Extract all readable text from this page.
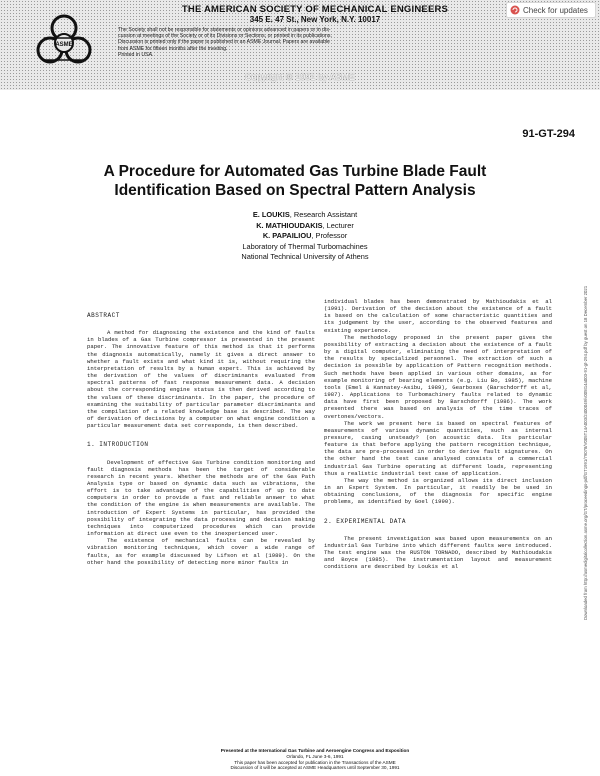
ASME
THE AMERICAN SOCIETY OF MECHANICAL ENGINEERS
345 E. 47 St., New York, N.Y. 10017

The Society shall not be responsible for statements or opinions advanced in papers or in dis-

cussion at meetings of the Society or of its Divisions or Sections, or printed in its publications.

Discussion is printed only if the paper is published in an ASME Journal. Papers are available

from ASME for fifteen months after the meeting.

Printed in USA.

Copyright © 1991 by ASME
Check for updates
91-GT-294
Downloaded from http://asmedigitalcollection.asme.org/GT/proceedings-pdf/GT1991/79078/V005T14A003/2400049/v005t14a003-91-gt-294.pdf by guest on 18 December 2021
A Procedure for Automated Gas Turbine Blade Fault Identification Based on Spectral Pattern Analysis
E. LOUKIS, Research Assistant
K. MATHIOUDAKIS, Lecturer
K. PAPAILIOU, Professor
Laboratory of Thermal Turbomachines
National Technical University of Athens

ABSTRACT

A method for diagnosing the existence and the kind of faults in blades of a Gas Turbine compressor is presented in the present paper. The innovative feature of this method is that it performs the diagnosis automatically, namely it gives a direct answer to whether a fault exists and what kind it is, without requiring the interpretation of results by a human expert. This is achieved by the derivation of the values of discriminants evaluated from spectral patterns of fast response measurement data. A decision about the corresponding engine status is then derived according to the values of these discriminants. In the paper, the procedure of examining the suitability of particular parameter discriminants and the compilation of a related knowledge base is described. The way of derivation of decisions by a computer on what engine condition a particular measurement data set corresponds, is then described.

1. INTRODUCTION

Development of effective Gas Turbine condition monitoring and fault diagnosis methods has been the target of considerable research in recent years. Whether the methods are of the Gas Path Analysis type or based on dynamic data such as vibrations, the effort is to take advantage of the capabilities of up to date computers in order to provide a fast and reliable answer to what the condition of the engine is when measurements are available. The introduction of Expert Systems in particular, has provided the possibility of integrating the data processing and decision making techniques into computerized procedures which can provide information at direct use even to the inexperienced user.

The existence of mechanical faults can be revealed by vibration monitoring techniques, which cover a wide range of faults, as for example discussed by Lifson et al (1989). On the other hand the possibility of detecting more minor faults in

individual blades has been demonstrated by Mathioudakis et al (1991). Derivation of the decision about the existence of a fault is based on the calculation of some characteristic quantities and its judgement by the user, according to the observed features and existing experience.

The methodology proposed in the present paper gives the possibility of extracting a decision about the existence of a fault by a digital computer, eliminating the need of interpretation of the results by specialized personnel. The extraction of such a decision is possible by application of Pattern recognition methods. Such methods have been applied in various other domains, as for example monitoring of bearing elements (e.g. Liu Bo, 1985), machine tools (Emel & Kannatey-Asibu, 1989), Gearboxes (Barschdorff et al, 1987). Applications to Turbomachinery faults related to dynamic data have first been proposed by Barschdorff (1986). The work presented there was based on analysis of the time traces of overtones/vectors.

The work we present here is based on spectral features of measurements of various dynamic quantities, such as internal pressure, casing unsteady? (on acoustic data. Its particular feature is that before applying the pattern recognition technique, the data are pre-processed in order to derive fault signatures. On the other hand the test case analysed consists of a commercial industrial Gas Turbine operating at different loads, representing thus a realistic industrial test case of application.

The way the method is organized allows its direct inclusion in an Expert System. In particular, it readily be be used in obtaining conclusions, of the diagnosis for specific engine problems, as identified by Goel (1990).

2. EXPERIMENTAL DATA

The present investigation was based upon measurements on an industrial Gas Turbine into which different faults were introduced. The test engine was the RUSTON TORNADO, described by Mathioudakis and Boyce (1985). The instrumentation layout and measurement conditions are described by Loukis et al

Presented at the International Gas Turbine and Aeroengine Congress and Exposition

Orlando, FL June 3-6, 1991

This paper has been accepted for publication in the Transactions of the ASME

Discussion of it will be accepted at ASME Headquarters until September 30, 1991
